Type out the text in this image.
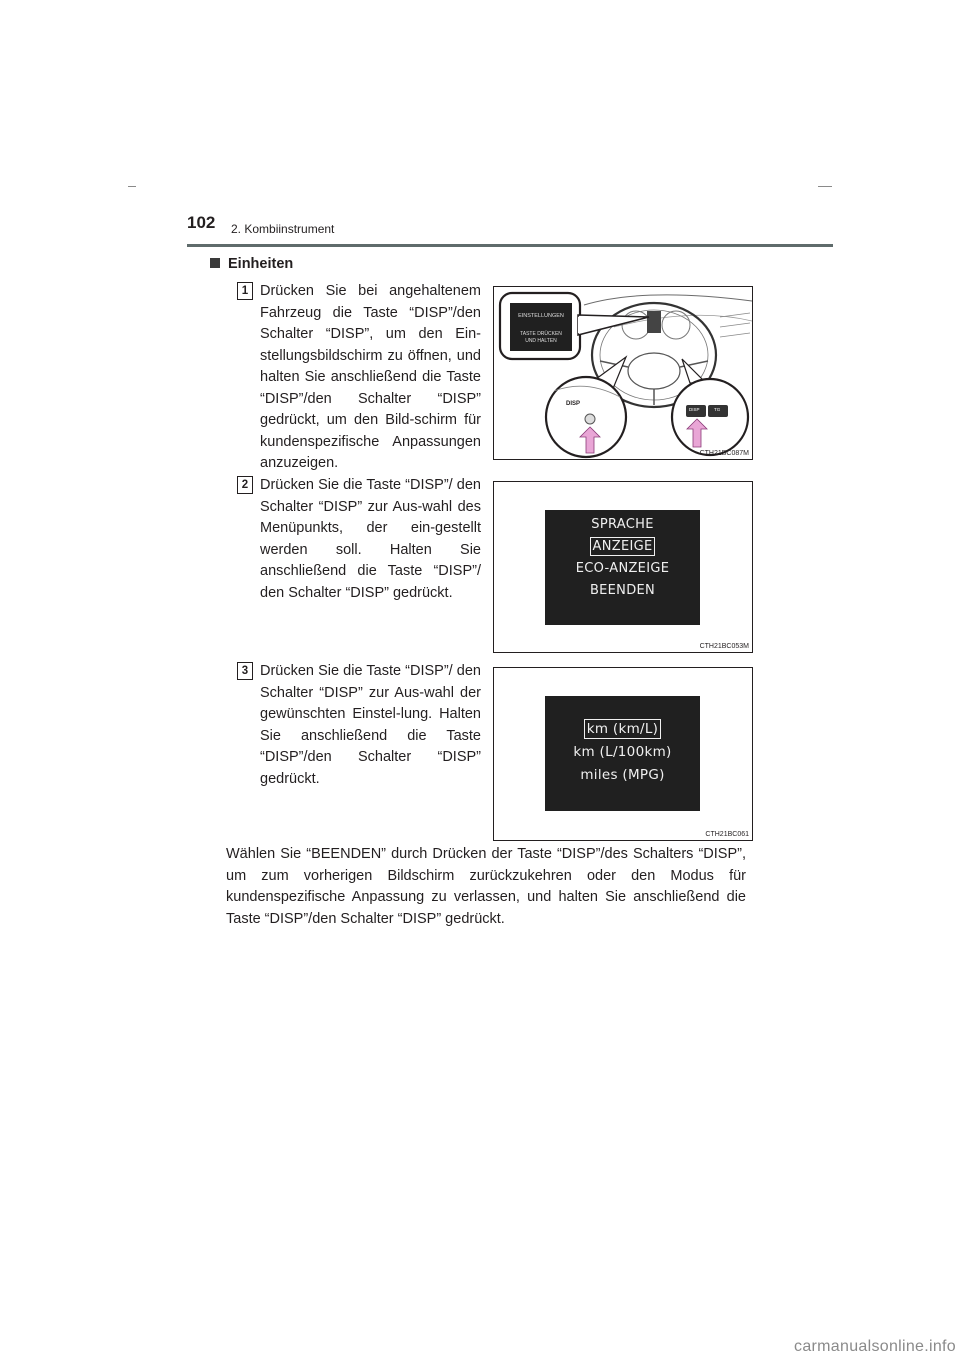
102 2. Kombiinstrument
Einheiten
1 Drücken Sie bei angehaltenem Fahrzeug die Taste “DISP”/den Schalter “DISP”, um den Ein-stellungsbildschirm zu öffnen, und halten Sie anschließend die Taste “DISP”/den Schalter “DISP” gedrückt, um den Bild-schirm für kundenspezifische Anpassungen anzuzeigen.
EINSTELLUNGEN
TASTE DRÜCKEN
UND HALTEN
DISP
DISP	TG
CTH21BC087M
2 Drücken Sie die Taste “DISP”/ den Schalter “DISP” zur Aus-wahl des Menüpunkts, der ein-gestellt werden soll. Halten Sie anschließend die Taste “DISP”/ den Schalter “DISP” gedrückt.
SPRACHE
ANZEIGE
ECO-ANZEIGE
BEENDEN
CTH21BC053M
3 Drücken Sie die Taste “DISP”/ den Schalter “DISP” zur Aus-wahl der gewünschten Einstel-lung. Halten Sie anschließend die Taste “DISP”/den Schalter “DISP” gedrückt.
km (km/L)
km (L/100km)
miles (MPG)
CTH21BC061
Wählen Sie “BEENDEN” durch Drücken der Taste “DISP”/des Schalters “DISP”, um zum vorherigen Bildschirm zurückzukehren oder den Modus für kundenspezifische Anpassung zu verlassen, und halten Sie anschließend die Taste “DISP”/den Schalter “DISP” gedrückt.
carmanualsonline.info
